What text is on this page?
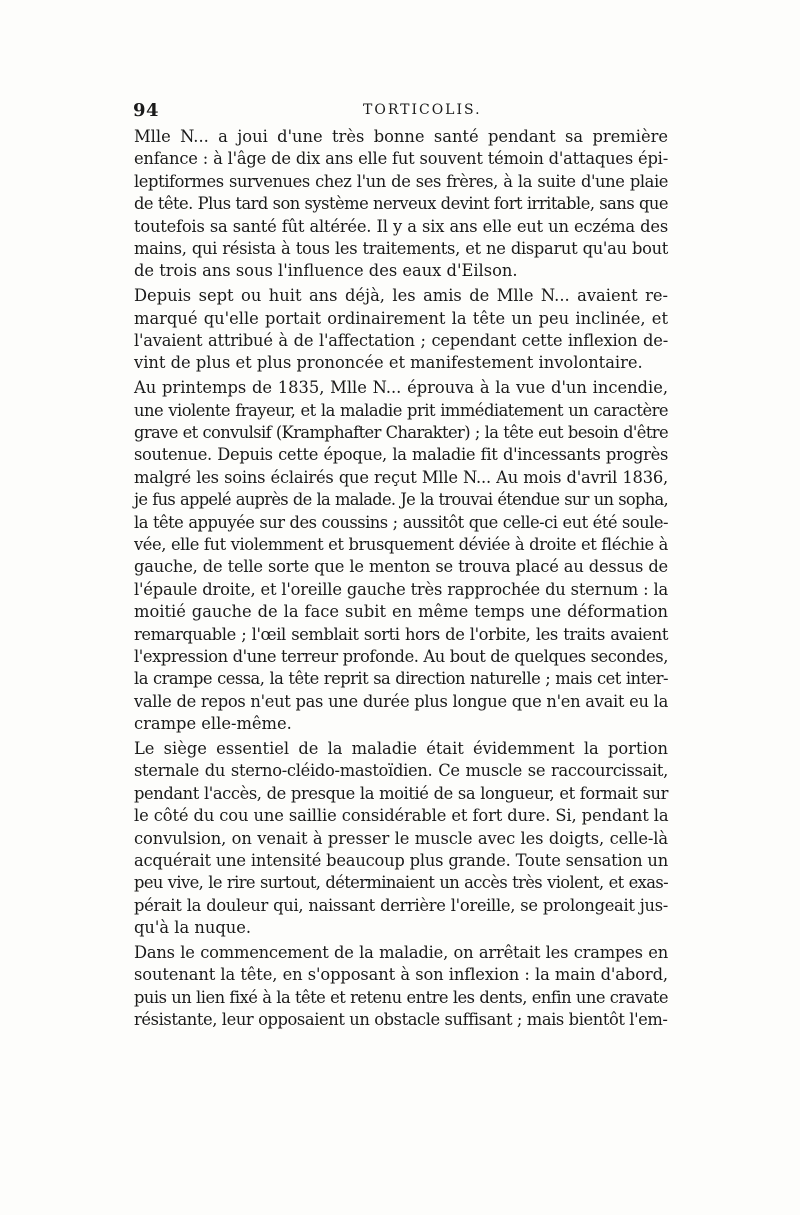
94	TORTICOLIS.
Mlle N... a joui d'une très bonne santé pendant sa première
enfance : à l'âge de dix ans elle fut souvent témoin d'attaques épi-
leptiformes survenues chez l'un de ses frères, à la suite d'une plaie
de tête. Plus tard son système nerveux devint fort irritable, sans que
toutefois sa santé fût altérée. Il y a six ans elle eut un eczéma des
mains, qui résista à tous les traitements, et ne disparut qu'au bout
de trois ans sous l'influence des eaux d'Eilson.
Depuis sept ou huit ans déjà, les amis de Mlle N... avaient re-
marqué qu'elle portait ordinairement la tête un peu inclinée, et
l'avaient attribué à de l'affectation ; cependant cette inflexion de-
vint de plus et plus prononcée et manifestement involontaire.
Au printemps de 1835, Mlle N... éprouva à la vue d'un incendie,
une violente frayeur, et la maladie prit immédiatement un caractère
grave et convulsif (Kramphafter Charakter) ; la tête eut besoin d'être
soutenue. Depuis cette époque, la maladie fit d'incessants progrès
malgré les soins éclairés que reçut Mlle N... Au mois d'avril 1836,
je fus appelé auprès de la malade. Je la trouvai étendue sur un sopha,
la tête appuyée sur des coussins ; aussitôt que celle-ci eut été soule-
vée, elle fut violemment et brusquement déviée à droite et fléchie à
gauche, de telle sorte que le menton se trouva placé au dessus de
l'épaule droite, et l'oreille gauche très rapprochée du sternum : la
moitié gauche de la face subit en même temps une déformation
remarquable ; l'œil semblait sorti hors de l'orbite, les traits avaient
l'expression d'une terreur profonde. Au bout de quelques secondes,
la crampe cessa, la tête reprit sa direction naturelle ; mais cet inter-
valle de repos n'eut pas une durée plus longue que n'en avait eu la
crampe elle-même.
Le siège essentiel de la maladie était évidemment la portion
sternale du sterno-cléido-mastoïdien. Ce muscle se raccourcissait,
pendant l'accès, de presque la moitié de sa longueur, et formait sur
le côté du cou une saillie considérable et fort dure. Si, pendant la
convulsion, on venait à presser le muscle avec les doigts, celle-là
acquérait une intensité beaucoup plus grande. Toute sensation un
peu vive, le rire surtout, déterminaient un accès très violent, et exas-
pérait la douleur qui, naissant derrière l'oreille, se prolongeait jus-
qu'à la nuque.
Dans le commencement de la maladie, on arrêtait les crampes en
soutenant la tête, en s'opposant à son inflexion : la main d'abord,
puis un lien fixé à la tête et retenu entre les dents, enfin une cravate
résistante, leur opposaient un obstacle suffisant ; mais bientôt l'em-
